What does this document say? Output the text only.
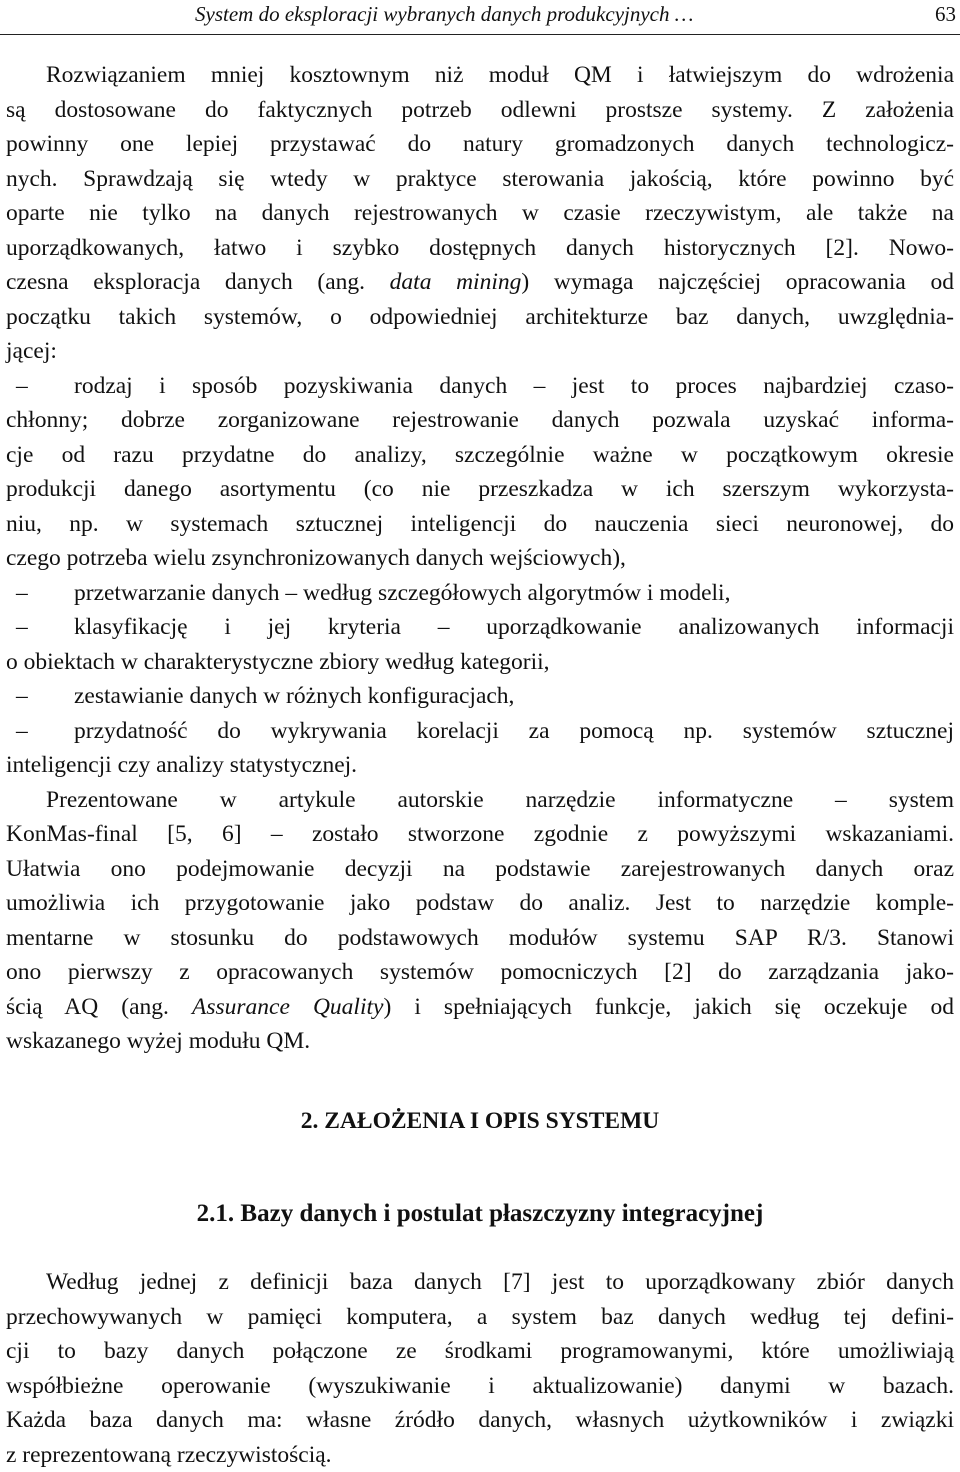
System do eksploracji wybranych danych produkcyjnych …	63
Rozwiązaniem mniej kosztownym niż moduł QM i łatwiejszym do wdrożenia
są dostosowane do faktycznych potrzeb odlewni prostsze systemy. Z założenia
powinny one lepiej przystawać do natury gromadzonych danych technologicz-
nych. Sprawdzają się wtedy w praktyce sterowania jakością, które powinno być
oparte nie tylko na danych rejestrowanych w czasie rzeczywistym, ale także na
uporządkowanych, łatwo i szybko dostępnych danych historycznych [2]. Nowo-
czesna eksploracja danych (ang. data mining) wymaga najczęściej opracowania od
początku takich systemów, o odpowiedniej architekturze baz danych, uwzględnia-
jącej:
– rodzaj i sposób pozyskiwania danych – jest to proces najbardziej czaso-
chłonny; dobrze zorganizowane rejestrowanie danych pozwala uzyskać informa-
cje od razu przydatne do analizy, szczególnie ważne w początkowym okresie
produkcji danego asortymentu (co nie przeszkadza w ich szerszym wykorzysta-
niu, np. w systemach sztucznej inteligencji do nauczenia sieci neuronowej, do
czego potrzeba wielu zsynchronizowanych danych wejściowych),
– przetwarzanie danych – według szczegółowych algorytmów i modeli,
– klasyfikację i jej kryteria – uporządkowanie analizowanych informacji
o obiektach w charakterystyczne zbiory według kategorii,
– zestawianie danych w różnych konfiguracjach,
– przydatność do wykrywania korelacji za pomocą np. systemów sztucznej
inteligencji czy analizy statystycznej.
Prezentowane w artykule autorskie narzędzie informatyczne – system
KonMas-final [5, 6] – zostało stworzone zgodnie z powyższymi wskazaniami.
Ułatwia ono podejmowanie decyzji na podstawie zarejestrowanych danych oraz
umożliwia ich przygotowanie jako podstaw do analiz. Jest to narzędzie komple-
mentarne w stosunku do podstawowych modułów systemu SAP R/3. Stanowi
ono pierwszy z opracowanych systemów pomocniczych [2] do zarządzania jako-
ścią AQ (ang. Assurance Quality) i spełniających funkcje, jakich się oczekuje od
wskazanego wyżej modułu QM.
2. ZAŁOŻENIA I OPIS SYSTEMU
2.1. Bazy danych i postulat płaszczyzny integracyjnej
Według jednej z definicji baza danych [7] jest to uporządkowany zbiór danych
przechowywanych w pamięci komputera, a system baz danych według tej defini-
cji to bazy danych połączone ze środkami programowanymi, które umożliwiają
współbieżne operowanie (wyszukiwanie i aktualizowanie) danymi w bazach.
Każda baza danych ma: własne źródło danych, własnych użytkowników i związki
z reprezentowaną rzeczywistością.
